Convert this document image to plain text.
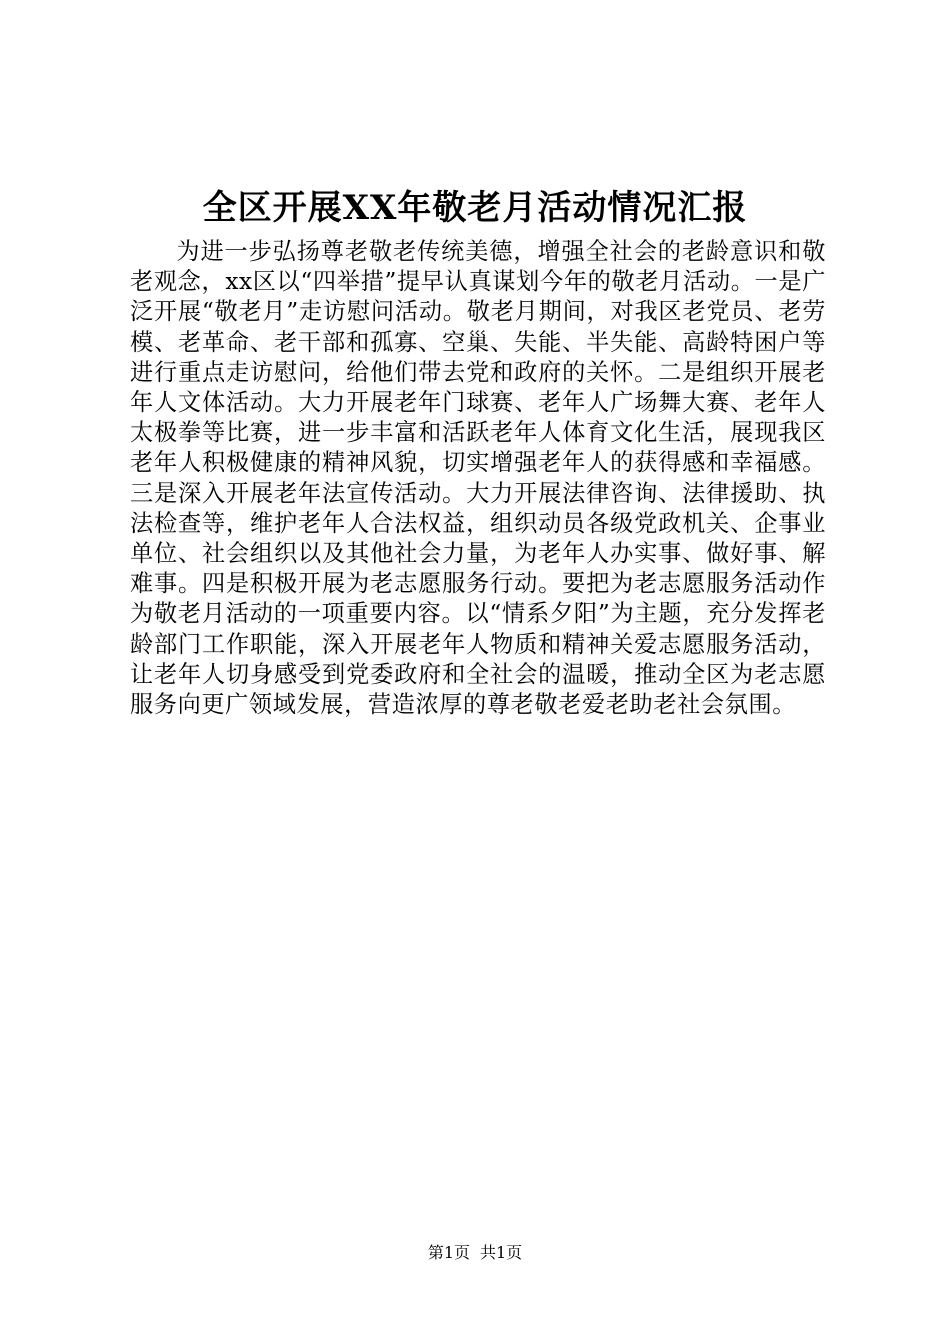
全区开展XX年敬老月活动情况汇报

为进一步弘扬尊老敬老传统美德，增强全社会的老龄意识和敬老观念，xx区以“四举措”提早认真谋划今年的敬老月活动。一是广泛开展“敬老月”走访慰问活动。敬老月期间，对我区老党员、老劳模、老革命、老干部和孤寡、空巢、失能、半失能、高龄特困户等进行重点走访慰问，给他们带去党和政府的关怀。二是组织开展老年人文体活动。大力开展老年门球赛、老年人广场舞大赛、老年人太极拳等比赛，进一步丰富和活跃老年人体育文化生活，展现我区老年人积极健康的精神风貌，切实增强老年人的获得感和幸福感。三是深入开展老年法宣传活动。大力开展法律咨询、法律援助、执法检查等，维护老年人合法权益，组织动员各级党政机关、企事业单位、社会组织以及其他社会力量，为老年人办实事、做好事、解难事。四是积极开展为老志愿服务行动。要把为老志愿服务活动作为敬老月活动的一项重要内容。以“情系夕阳”为主题，充分发挥老龄部门工作职能，深入开展老年人物质和精神关爱志愿服务活动，让老年人切身感受到党委政府和全社会的温暖，推动全区为老志愿服务向更广领域发展，营造浓厚的尊老敬老爱老助老社会氛围。

第1页 共1页
